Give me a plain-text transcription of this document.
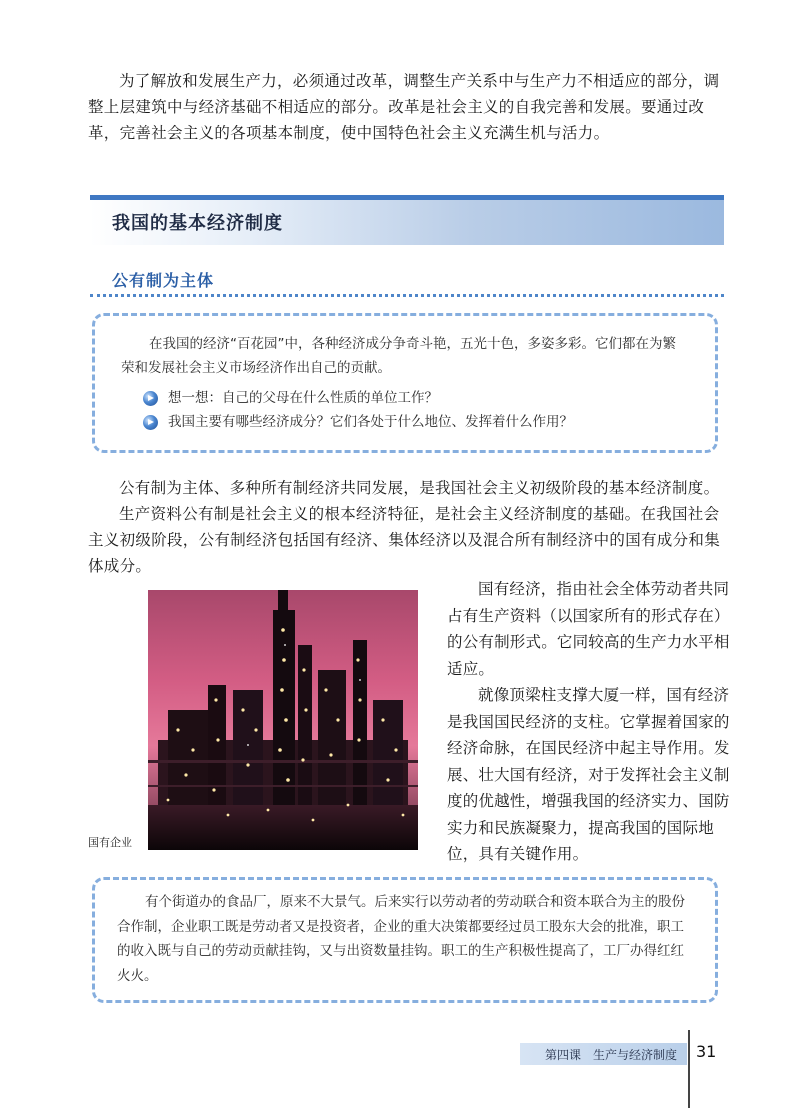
为了解放和发展生产力，必须通过改革，调整生产关系中与生产力不相适应的部分，调整上层建筑中与经济基础不相适应的部分。改革是社会主义的自我完善和发展。要通过改革，完善社会主义的各项基本制度，使中国特色社会主义充满生机与活力。

我国的基本经济制度
公有制为主体

在我国的经济“百花园”中，各种经济成分争奇斗艳，五光十色，多姿多彩。它们都在为繁荣和发展社会主义市场经济作出自己的贡献。

想一想：自己的父母在什么性质的单位工作？
我国主要有哪些经济成分？它们各处于什么地位、发挥着什么作用？
公有制为主体、多种所有制经济共同发展，是我国社会主义初级阶段的基本经济制度。
生产资料公有制是社会主义的根本经济特征，是社会主义经济制度的基础。在我国社会主义初级阶段，公有制经济包括国有经济、集体经济以及混合所有制经济中的国有成分和集体成分。
国有企业

国有经济，指由社会全体劳动者共同占有生产资料（以国家所有的形式存在）的公有制形式。它同较高的生产力水平相适应。

就像顶梁柱支撑大厦一样，国有经济是我国国民经济的支柱。它掌握着国家的经济命脉，在国民经济中起主导作用。发展、壮大国有经济，对于发挥社会主义制度的优越性，增强我国的经济实力、国防实力和民族凝聚力，提高我国的国际地位，具有关键作用。

有个街道办的食品厂，原来不大景气。后来实行以劳动者的劳动联合和资本联合为主的股份合作制，企业职工既是劳动者又是投资者，企业的重大决策都要经过员工股东大会的批准，职工的收入既与自己的劳动贡献挂钩，又与出资数量挂钩。职工的生产积极性提高了，工厂办得红红火火。

第四课　生产与经济制度	31
